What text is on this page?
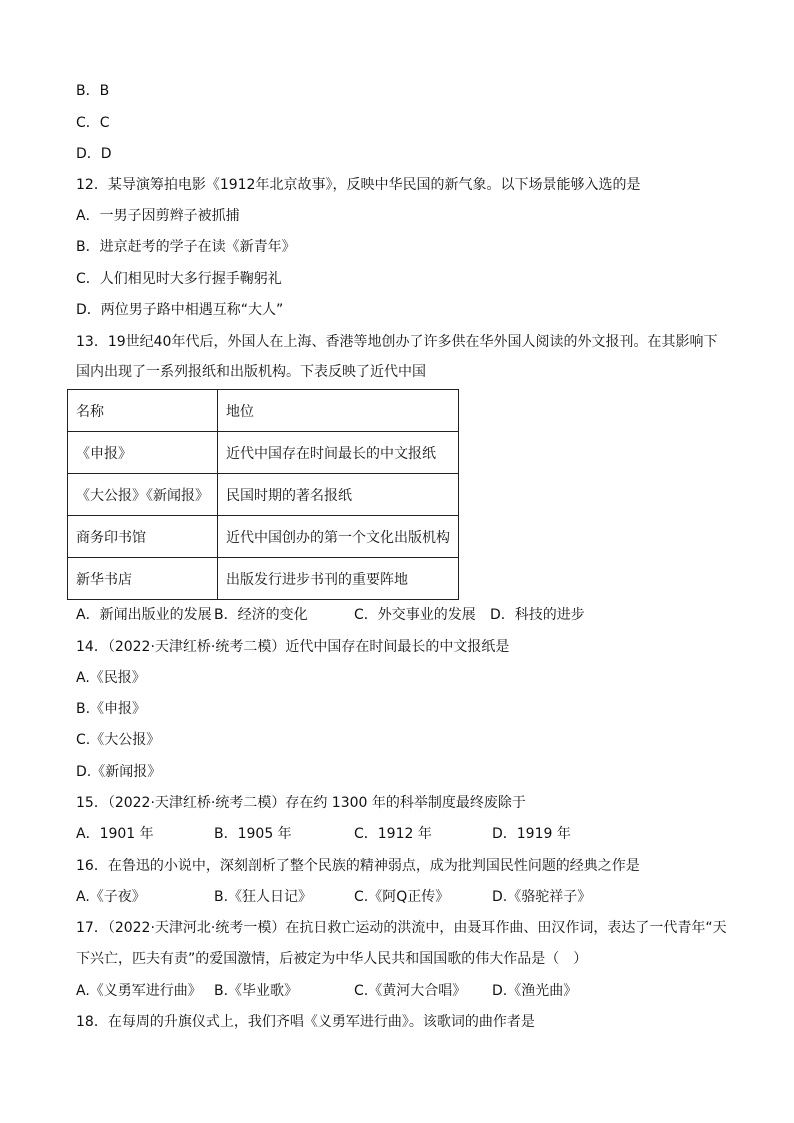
B．B
C．C
D．D
12．某导演筹拍电影《1912年北京故事》，反映中华民国的新气象。以下场景能够入选的是
A．一男子因剪辫子被抓捕
B．进京赶考的学子在读《新青年》
C．人们相见时大多行握手鞠躬礼
D．两位男子路中相遇互称“大人”
13．19世纪40年代后，外国人在上海、香港等地创办了许多供在华外国人阅读的外文报刊。在其影响下
国内出现了一系列报纸和出版机构。下表反映了近代中国
名称	地位
《申报》	近代中国存在时间最长的中文报纸
《大公报》《新闻报》	民国时期的著名报纸
商务印书馆	近代中国创办的第一个文化出版机构
新华书店	出版发行进步书刊的重要阵地
A．新闻出版业的发展 B．经济的变化	C．外交事业的发展	D．科技的进步
14．（2022·天津红桥·统考二模）近代中国存在时间最长的中文报纸是
A.《民报》
B.《申报》
C.《大公报》
D.《新闻报》
15．（2022·天津红桥·统考二模）存在约 1300 年的科举制度最终废除于
A．1901 年	B．1905 年	C．1912 年	D．1919 年
16．在鲁迅的小说中，深刻剖析了整个民族的精神弱点，成为批判国民性问题的经典之作是
A.《子夜》	B.《狂人日记》	C.《阿Q正传》	D.《骆驼祥子》
17．（2022·天津河北·统考一模）在抗日救亡运动的洪流中，由聂耳作曲、田汉作词，表达了一代青年“天
下兴亡，匹夫有责”的爱国激情，后被定为中华人民共和国国歌的伟大作品是（　）
A.《义勇军进行曲》 B.《毕业歌》	C.《黄河大合唱》	D.《渔光曲》
18．在每周的升旗仪式上，我们齐唱《义勇军进行曲》。该歌词的曲作者是
